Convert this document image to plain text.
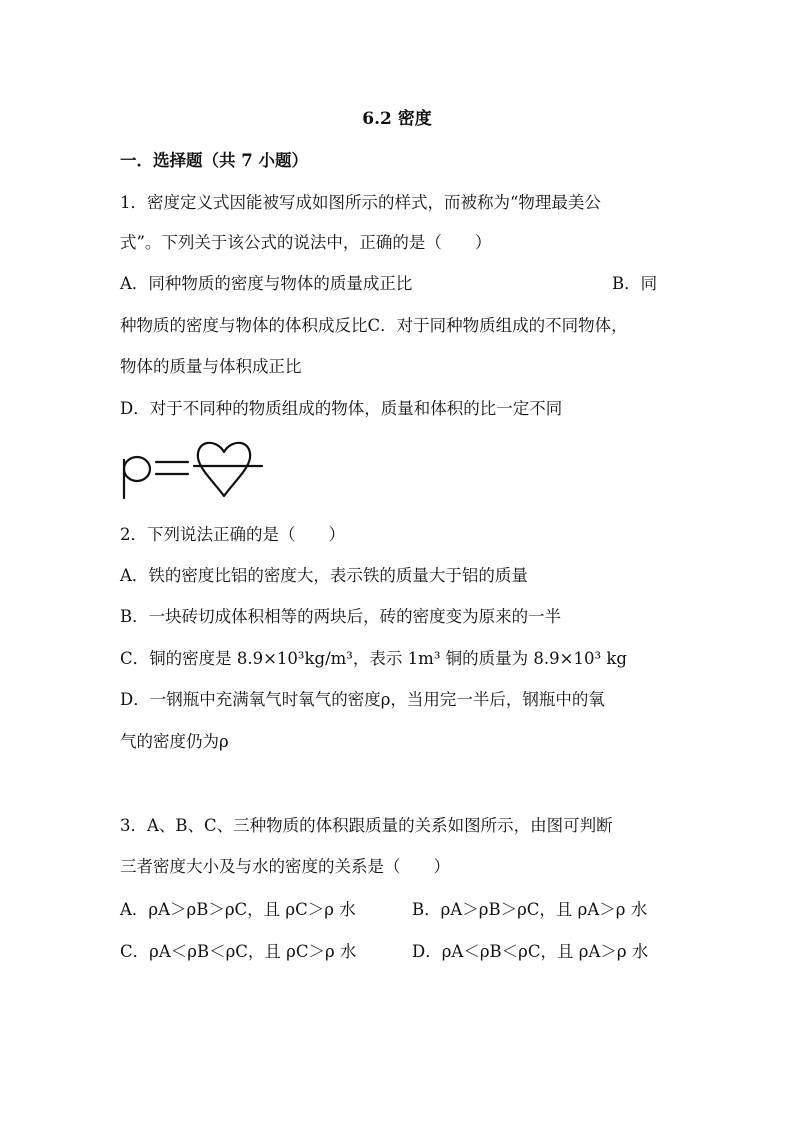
6.2 密度
一．选择题（共 7 小题）
1．密度定义式因能被写成如图所示的样式，而被称为“物理最美公
式”。下列关于该公式的说法中，正确的是（　　）
A．同种物质的密度与物体的质量成正比	B．同
种物质的密度与物体的体积成反比C．对于同种物质组成的不同物体，
物体的质量与体积成正比
D．对于不同种的物质组成的物体，质量和体积的比一定不同
2．下列说法正确的是（　　）
A．铁的密度比铝的密度大，表示铁的质量大于铝的质量
B．一块砖切成体积相等的两块后，砖的密度变为原来的一半
C．铜的密度是 8.9×10³kg/m³，表示 1m³ 铜的质量为 8.9×10³ kg
D．一钢瓶中充满氧气时氧气的密度ρ，当用完一半后，钢瓶中的氧
气的密度仍为ρ
3．A、B、C、三种物质的体积跟质量的关系如图所示，由图可判断
三者密度大小及与水的密度的关系是（　　）
A．ρA＞ρB＞ρC，且 ρC＞ρ 水	B．ρA＞ρB＞ρC，且 ρA＞ρ 水
C．ρA＜ρB＜ρC，且 ρC＞ρ 水	D．ρA＜ρB＜ρC，且 ρA＞ρ 水
